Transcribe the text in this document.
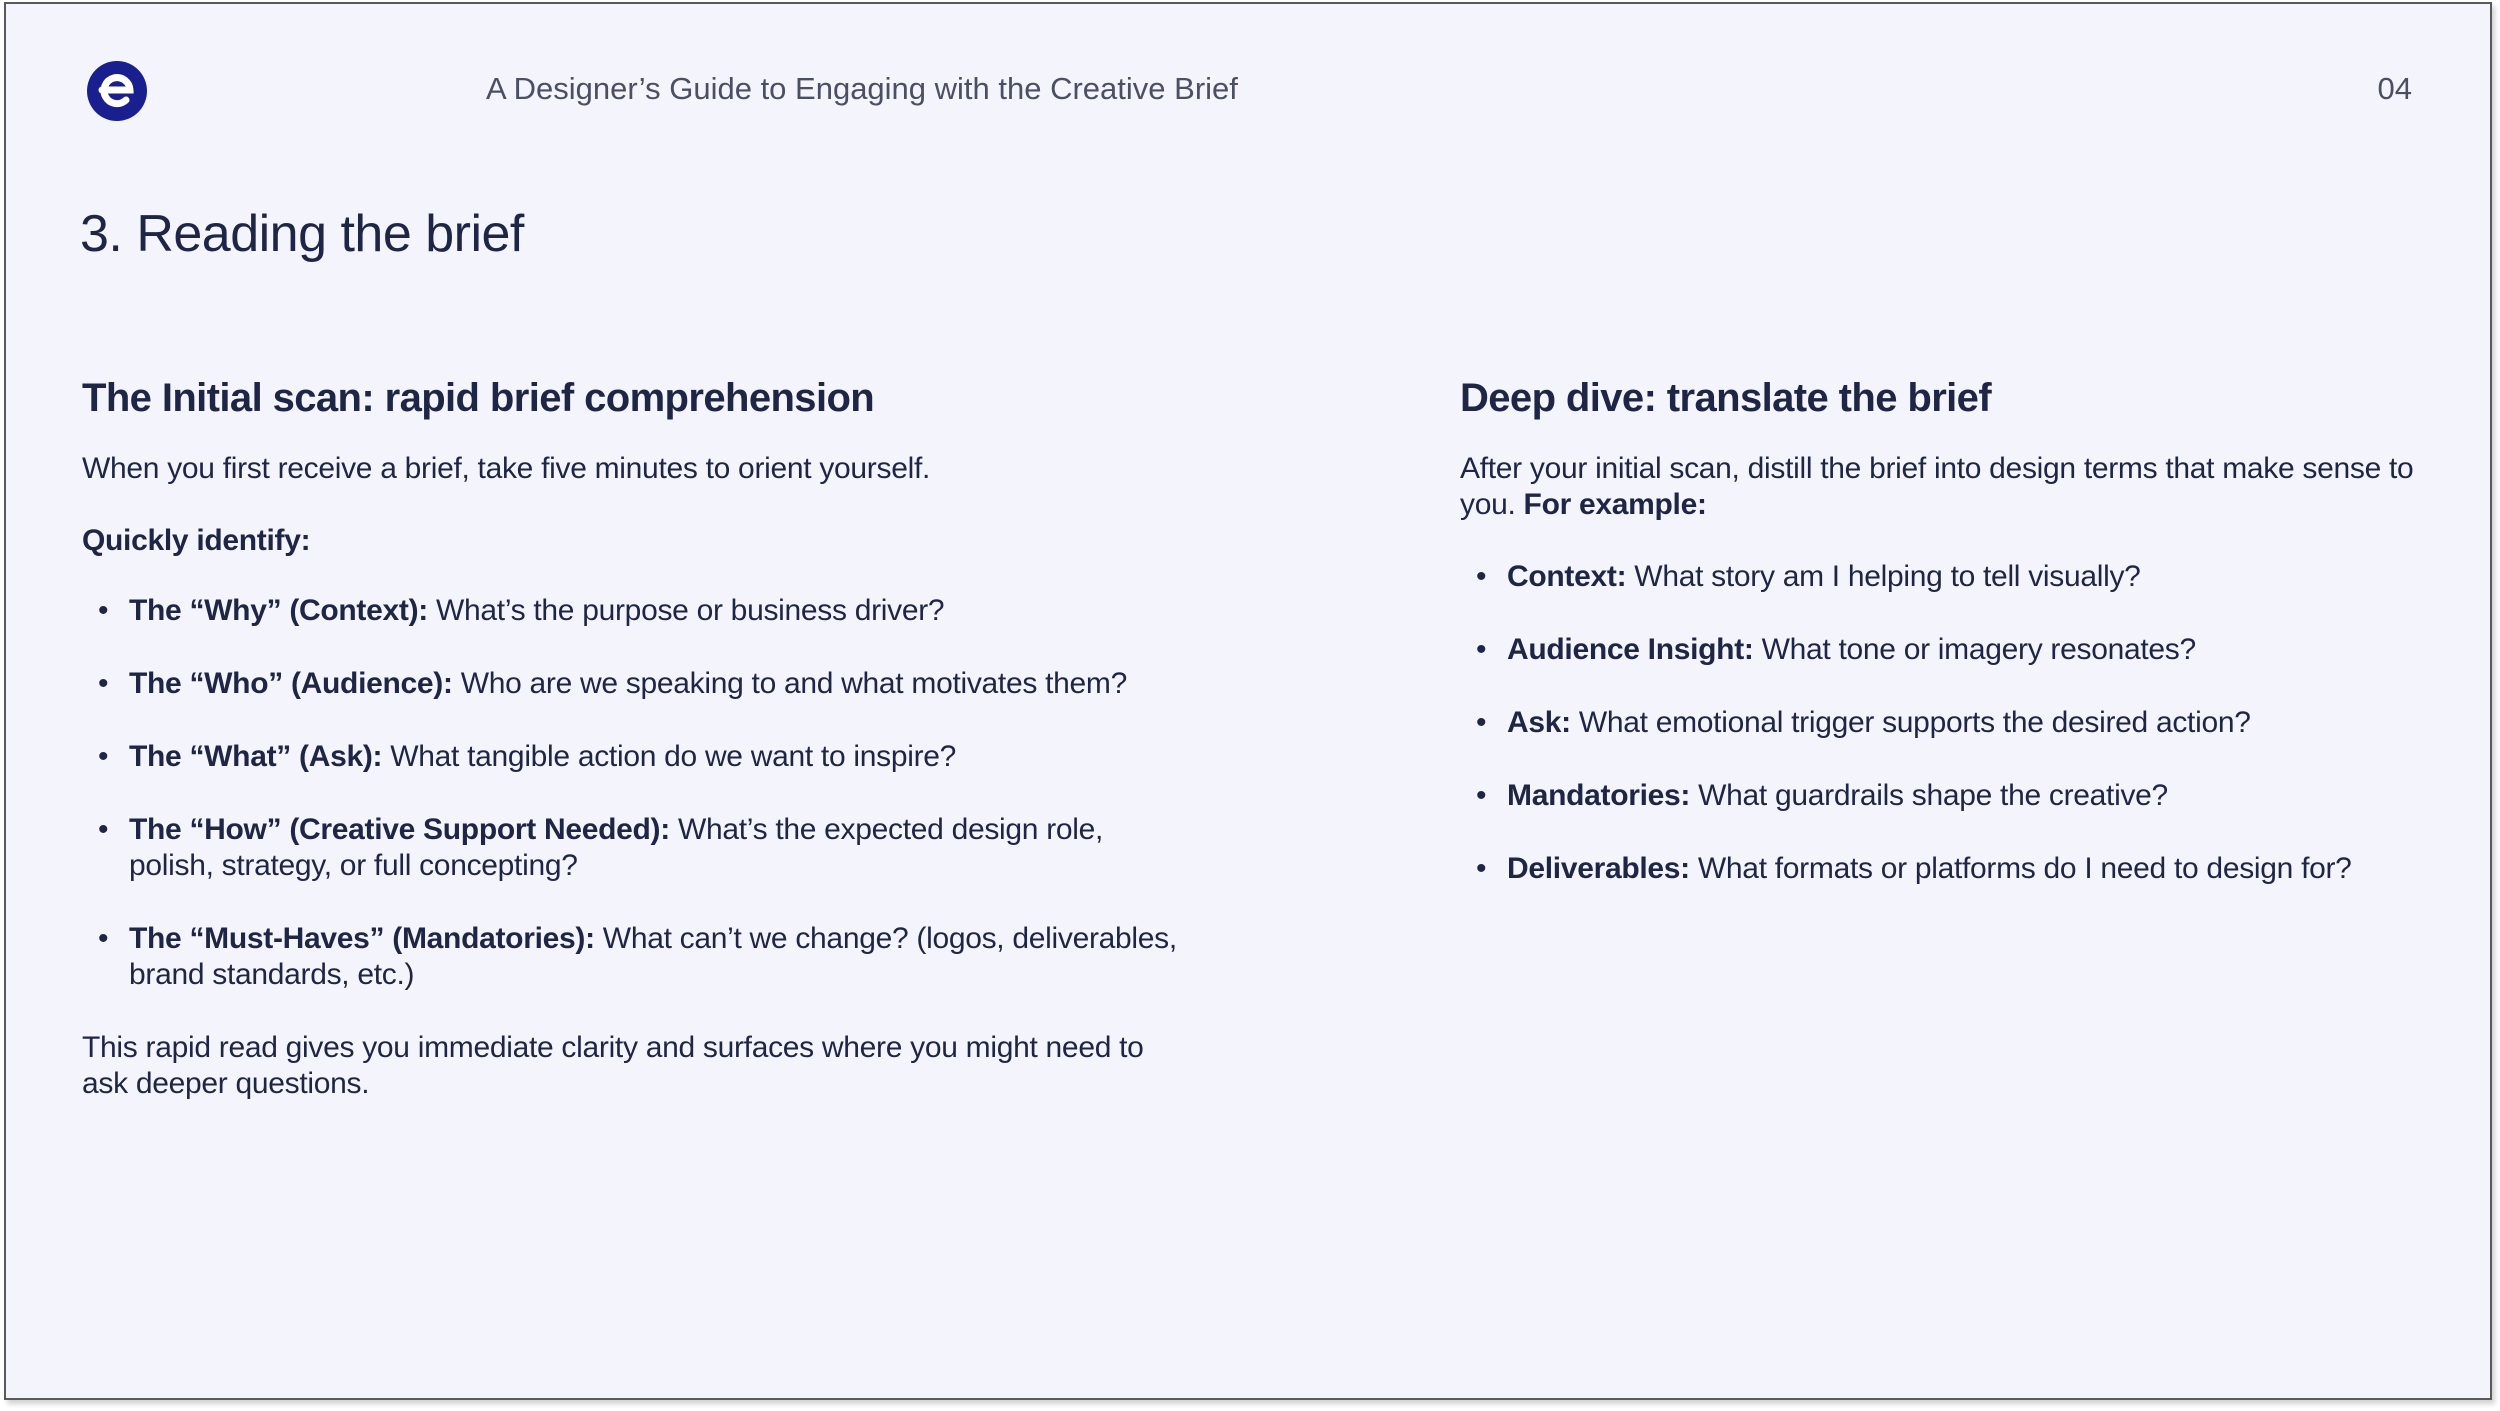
A Designer’s Guide to Engaging with the Creative Brief	04
3. Reading the brief
The Initial scan: rapid brief comprehension

When you first receive a brief, take five minutes to orient yourself.

Quickly identify:

• The “Why” (Context): What’s the purpose or business driver?
• The “Who” (Audience): Who are we speaking to and what motivates them?
• The “What” (Ask): What tangible action do we want to inspire?
• The “How” (Creative Support Needed): What’s the expected design role, polish, strategy, or full concepting?
• The “Must-Haves” (Mandatories): What can’t we change? (logos, deliverables, brand standards, etc.)

This rapid read gives you immediate clarity and surfaces where you might need to ask deeper questions.

Deep dive: translate the brief

After your initial scan, distill the brief into design terms that make sense to you. For example:

• Context: What story am I helping to tell visually?
• Audience Insight: What tone or imagery resonates?
• Ask: What emotional trigger supports the desired action?
• Mandatories: What guardrails shape the creative?
• Deliverables: What formats or platforms do I need to design for?
